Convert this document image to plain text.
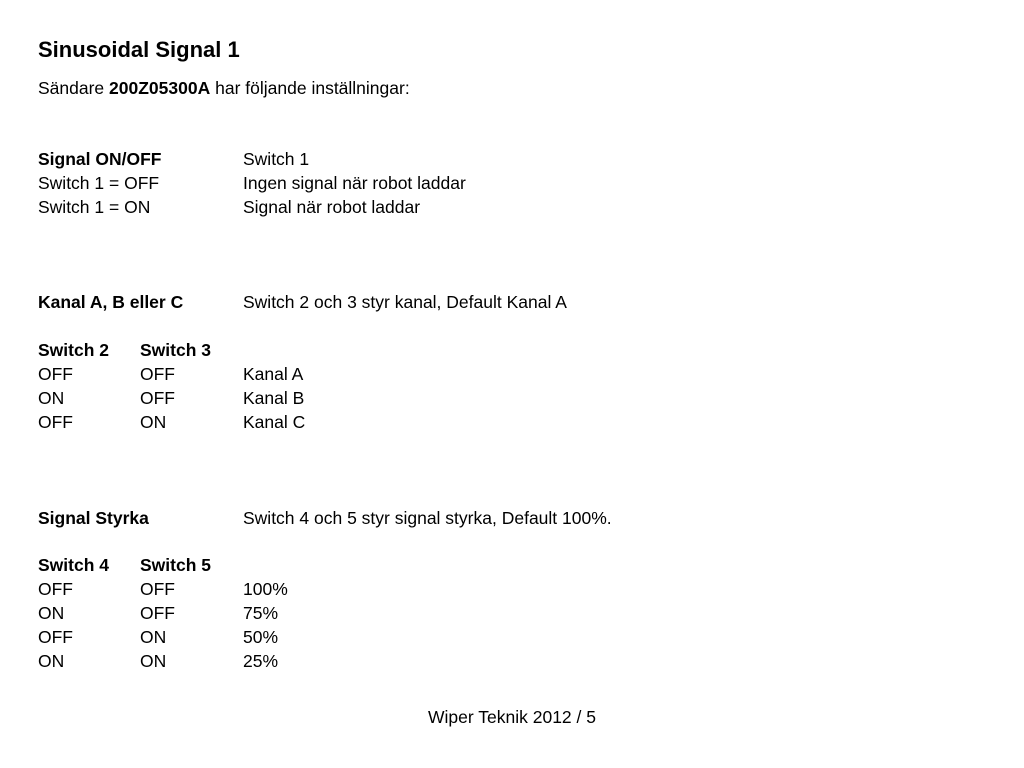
Sinusoidal Signal 1
Sändare 200Z05300A har följande inställningar:
Signal ON/OFF	Switch 1
Switch 1 = OFF	Ingen signal när robot laddar
Switch 1 = ON	Signal när robot laddar
Kanal A, B eller C	Switch 2 och 3 styr kanal, Default Kanal A
Switch 2 Switch 3
OFF	OFF	Kanal A
ON	OFF	Kanal B
OFF	ON	Kanal C
Signal Styrka	Switch 4 och 5 styr signal styrka, Default 100%.
Switch 4 Switch 5
OFF	OFF	100%
ON	OFF	75%
OFF	ON	50%
ON	ON	25%
Wiper Teknik 2012 / 5
